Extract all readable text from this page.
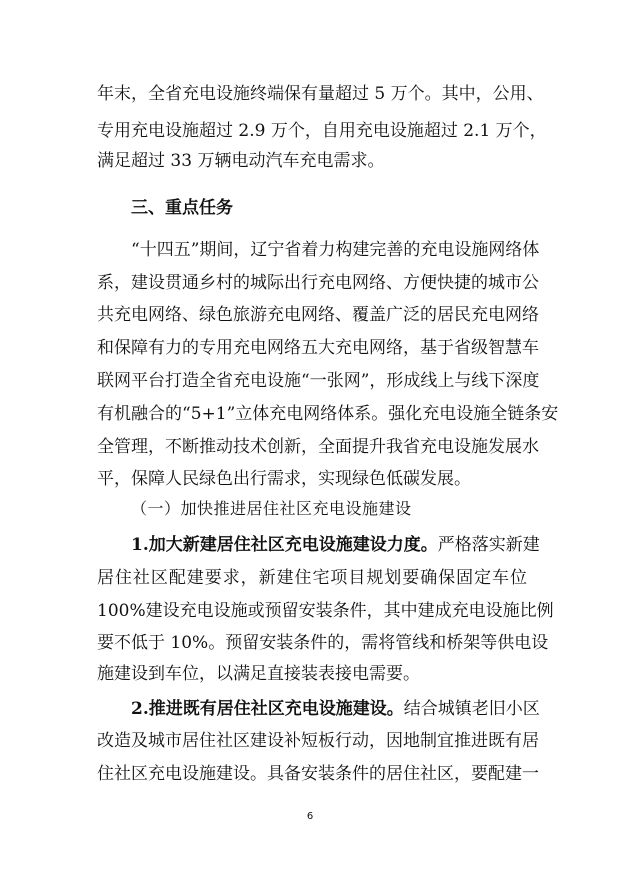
年末，全省充电设施终端保有量超过 5 万个。其中，公用、
专用充电设施超过 2.9 万个，自用充电设施超过 2.1 万个，
满足超过 33 万辆电动汽车充电需求。
三、重点任务
“十四五”期间，辽宁省着力构建完善的充电设施网络体
系，建设贯通乡村的城际出行充电网络、方便快捷的城市公
共充电网络、绿色旅游充电网络、覆盖广泛的居民充电网络
和保障有力的专用充电网络五大充电网络，基于省级智慧车
联网平台打造全省充电设施“一张网”，形成线上与线下深度
有机融合的“5+1”立体充电网络体系。强化充电设施全链条安
全管理，不断推动技术创新，全面提升我省充电设施发展水
平，保障人民绿色出行需求，实现绿色低碳发展。
（一）加快推进居住社区充电设施建设
1.加大新建居住社区充电设施建设力度。严格落实新建
居住社区配建要求，新建住宅项目规划要确保固定车位
100%建设充电设施或预留安装条件，其中建成充电设施比例
要不低于 10%。预留安装条件的，需将管线和桥架等供电设
施建设到车位，以满足直接装表接电需要。
2.推进既有居住社区充电设施建设。结合城镇老旧小区
改造及城市居住社区建设补短板行动，因地制宜推进既有居
住社区充电设施建设。具备安装条件的居住社区，要配建一
6
